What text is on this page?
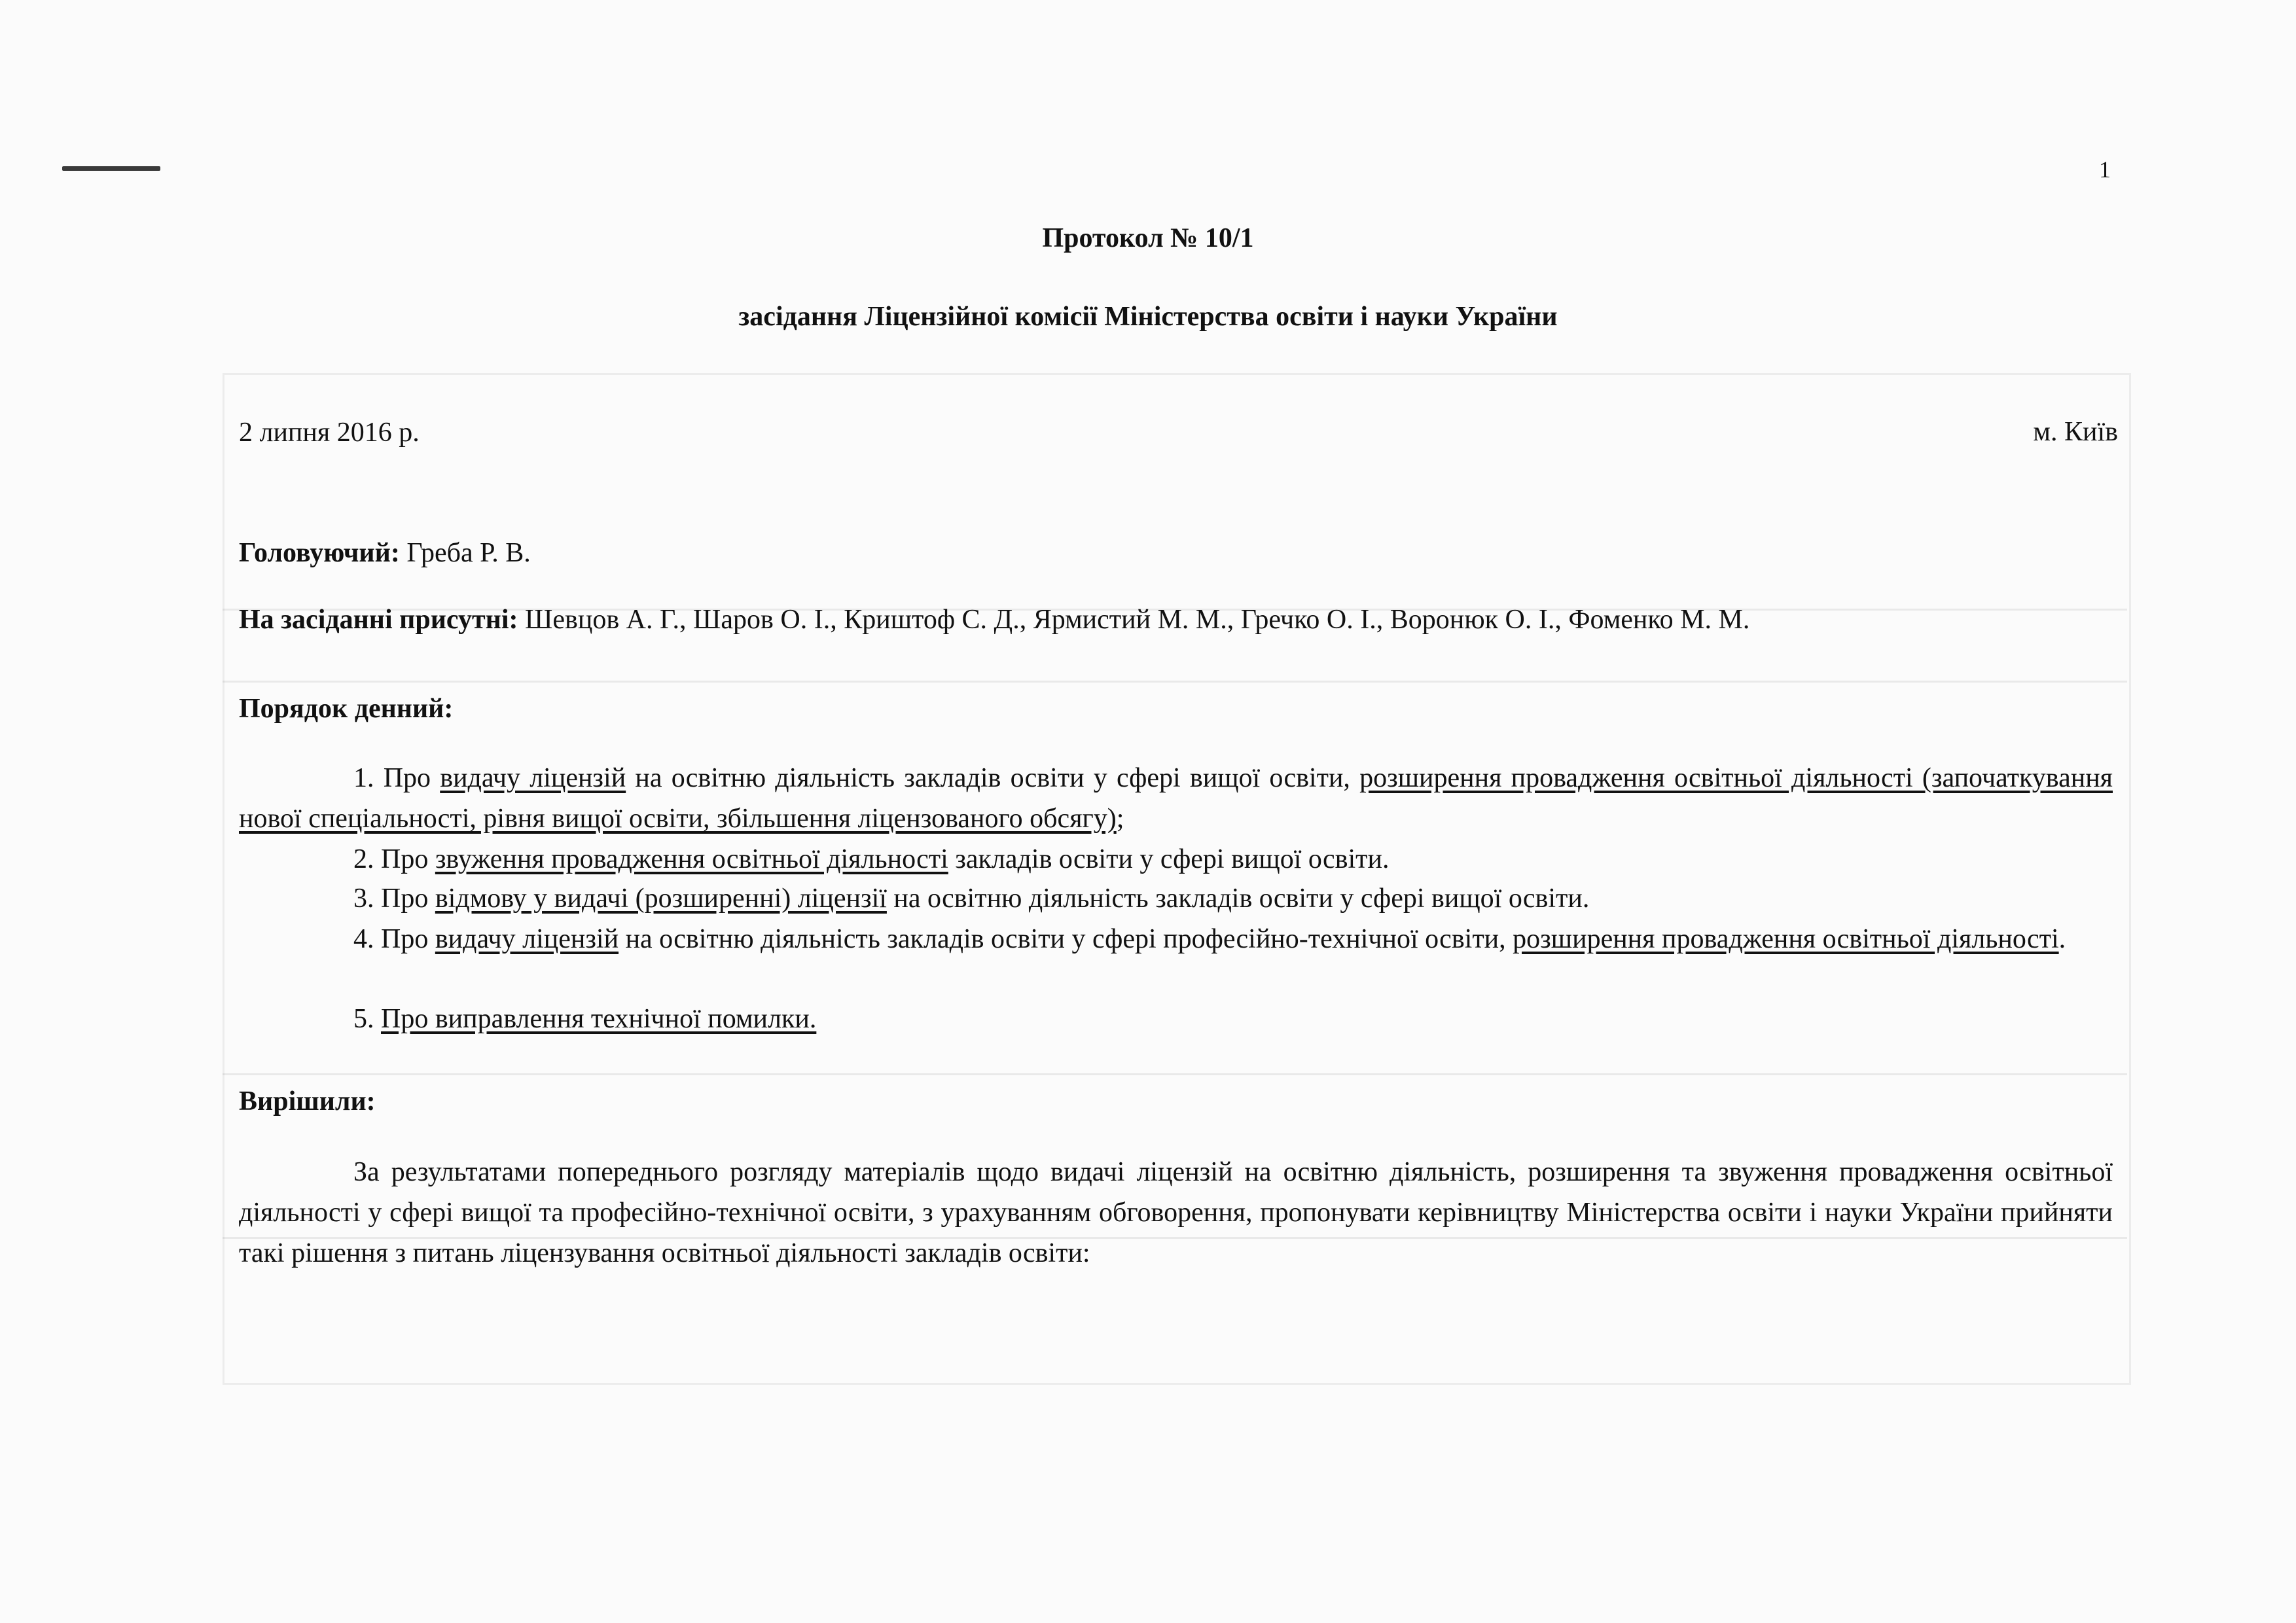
1
Протокол № 10/1
засідання Ліцензійної комісії Міністерства освіти і науки України
2 липня 2016 р.	м. Київ
Головуючий: Греба Р. В.
На засіданні присутні: Шевцов А. Г., Шаров О. І., Криштоф С. Д., Ярмистий М. М., Гречко О. І., Воронюк О. І., Фоменко М. М.
Порядок денний:
1. Про видачу ліцензій на освітню діяльність закладів освіти у сфері вищої освіти, розширення провадження освітньої діяльності (започаткування нової спеціальності, рівня вищої освіти, збільшення ліцензованого обсягу);
2. Про звуження провадження освітньої діяльності закладів освіти у сфері вищої освіти.
3. Про відмову у видачі (розширенні) ліцензії на освітню діяльність закладів освіти у сфері вищої освіти.
4. Про видачу ліцензій на освітню діяльність закладів освіти у сфері професійно-технічної освіти, розширення провадження освітньої діяльності.
5. Про виправлення технічної помилки.
Вирішили:
За результатами попереднього розгляду матеріалів щодо видачі ліцензій на освітню діяльність, розширення та звуження провадження освітньої діяльності у сфері вищої та професійно-технічної освіти, з урахуванням обговорення, пропонувати керівництву Міністерства освіти і науки України прийняти такі рішення з питань ліцензування освітньої діяльності закладів освіти:
